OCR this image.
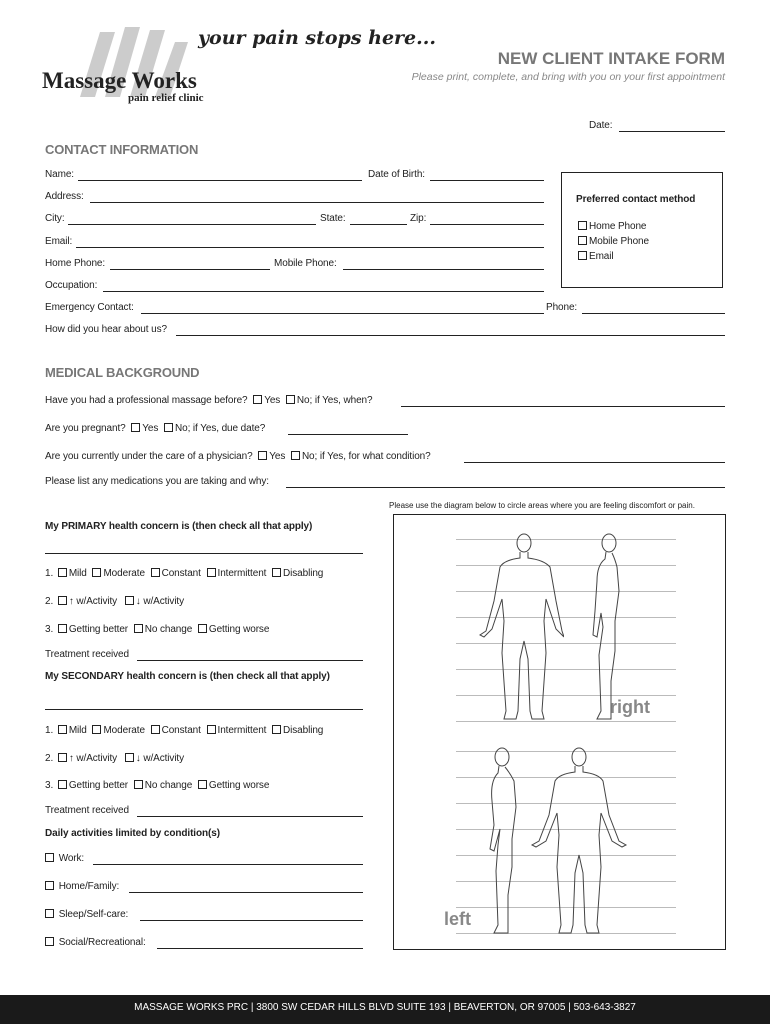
your pain stops here...
Massage Works
pain relief clinic
NEW CLIENT INTAKE FORM
Please print, complete, and bring with you on your first appointment
Date:
CONTACT INFORMATION
Name:	Date of Birth:
Address:
City:	State:	Zip:
Email:
Home Phone:	Mobile Phone:
Occupation:
Emergency Contact:	Phone:
How did you hear about us?
Preferred contact method
Home Phone
Mobile Phone
Email
MEDICAL BACKGROUND
Have you had a professional massage before? Yes No; if Yes, when?
Are you pregnant? Yes No; if Yes, due date?
Are you currently under the care of a physician? Yes No; if Yes, for what condition?
Please list any medications you are taking and why:
Please use the diagram below to circle areas where you are feeling discomfort or pain.
My PRIMARY health concern is (then check all that apply)
1. Mild Moderate Constant Intermittent Disabling
2. ↑ w/Activity ↓ w/Activity
3. Getting better No change Getting worse
Treatment received
My SECONDARY health concern is (then check all that apply)
1. Mild Moderate Constant Intermittent Disabling
2. ↑ w/Activity ↓ w/Activity
3. Getting better No change Getting worse
Treatment received
Daily activities limited by condition(s)
Work:
Home/Family:
Sleep/Self-care:
Social/Recreational:
right
left
MASSAGE WORKS PRC | 3800 SW CEDAR HILLS BLVD SUITE 193 | BEAVERTON, OR 97005 | 503-643-3827
